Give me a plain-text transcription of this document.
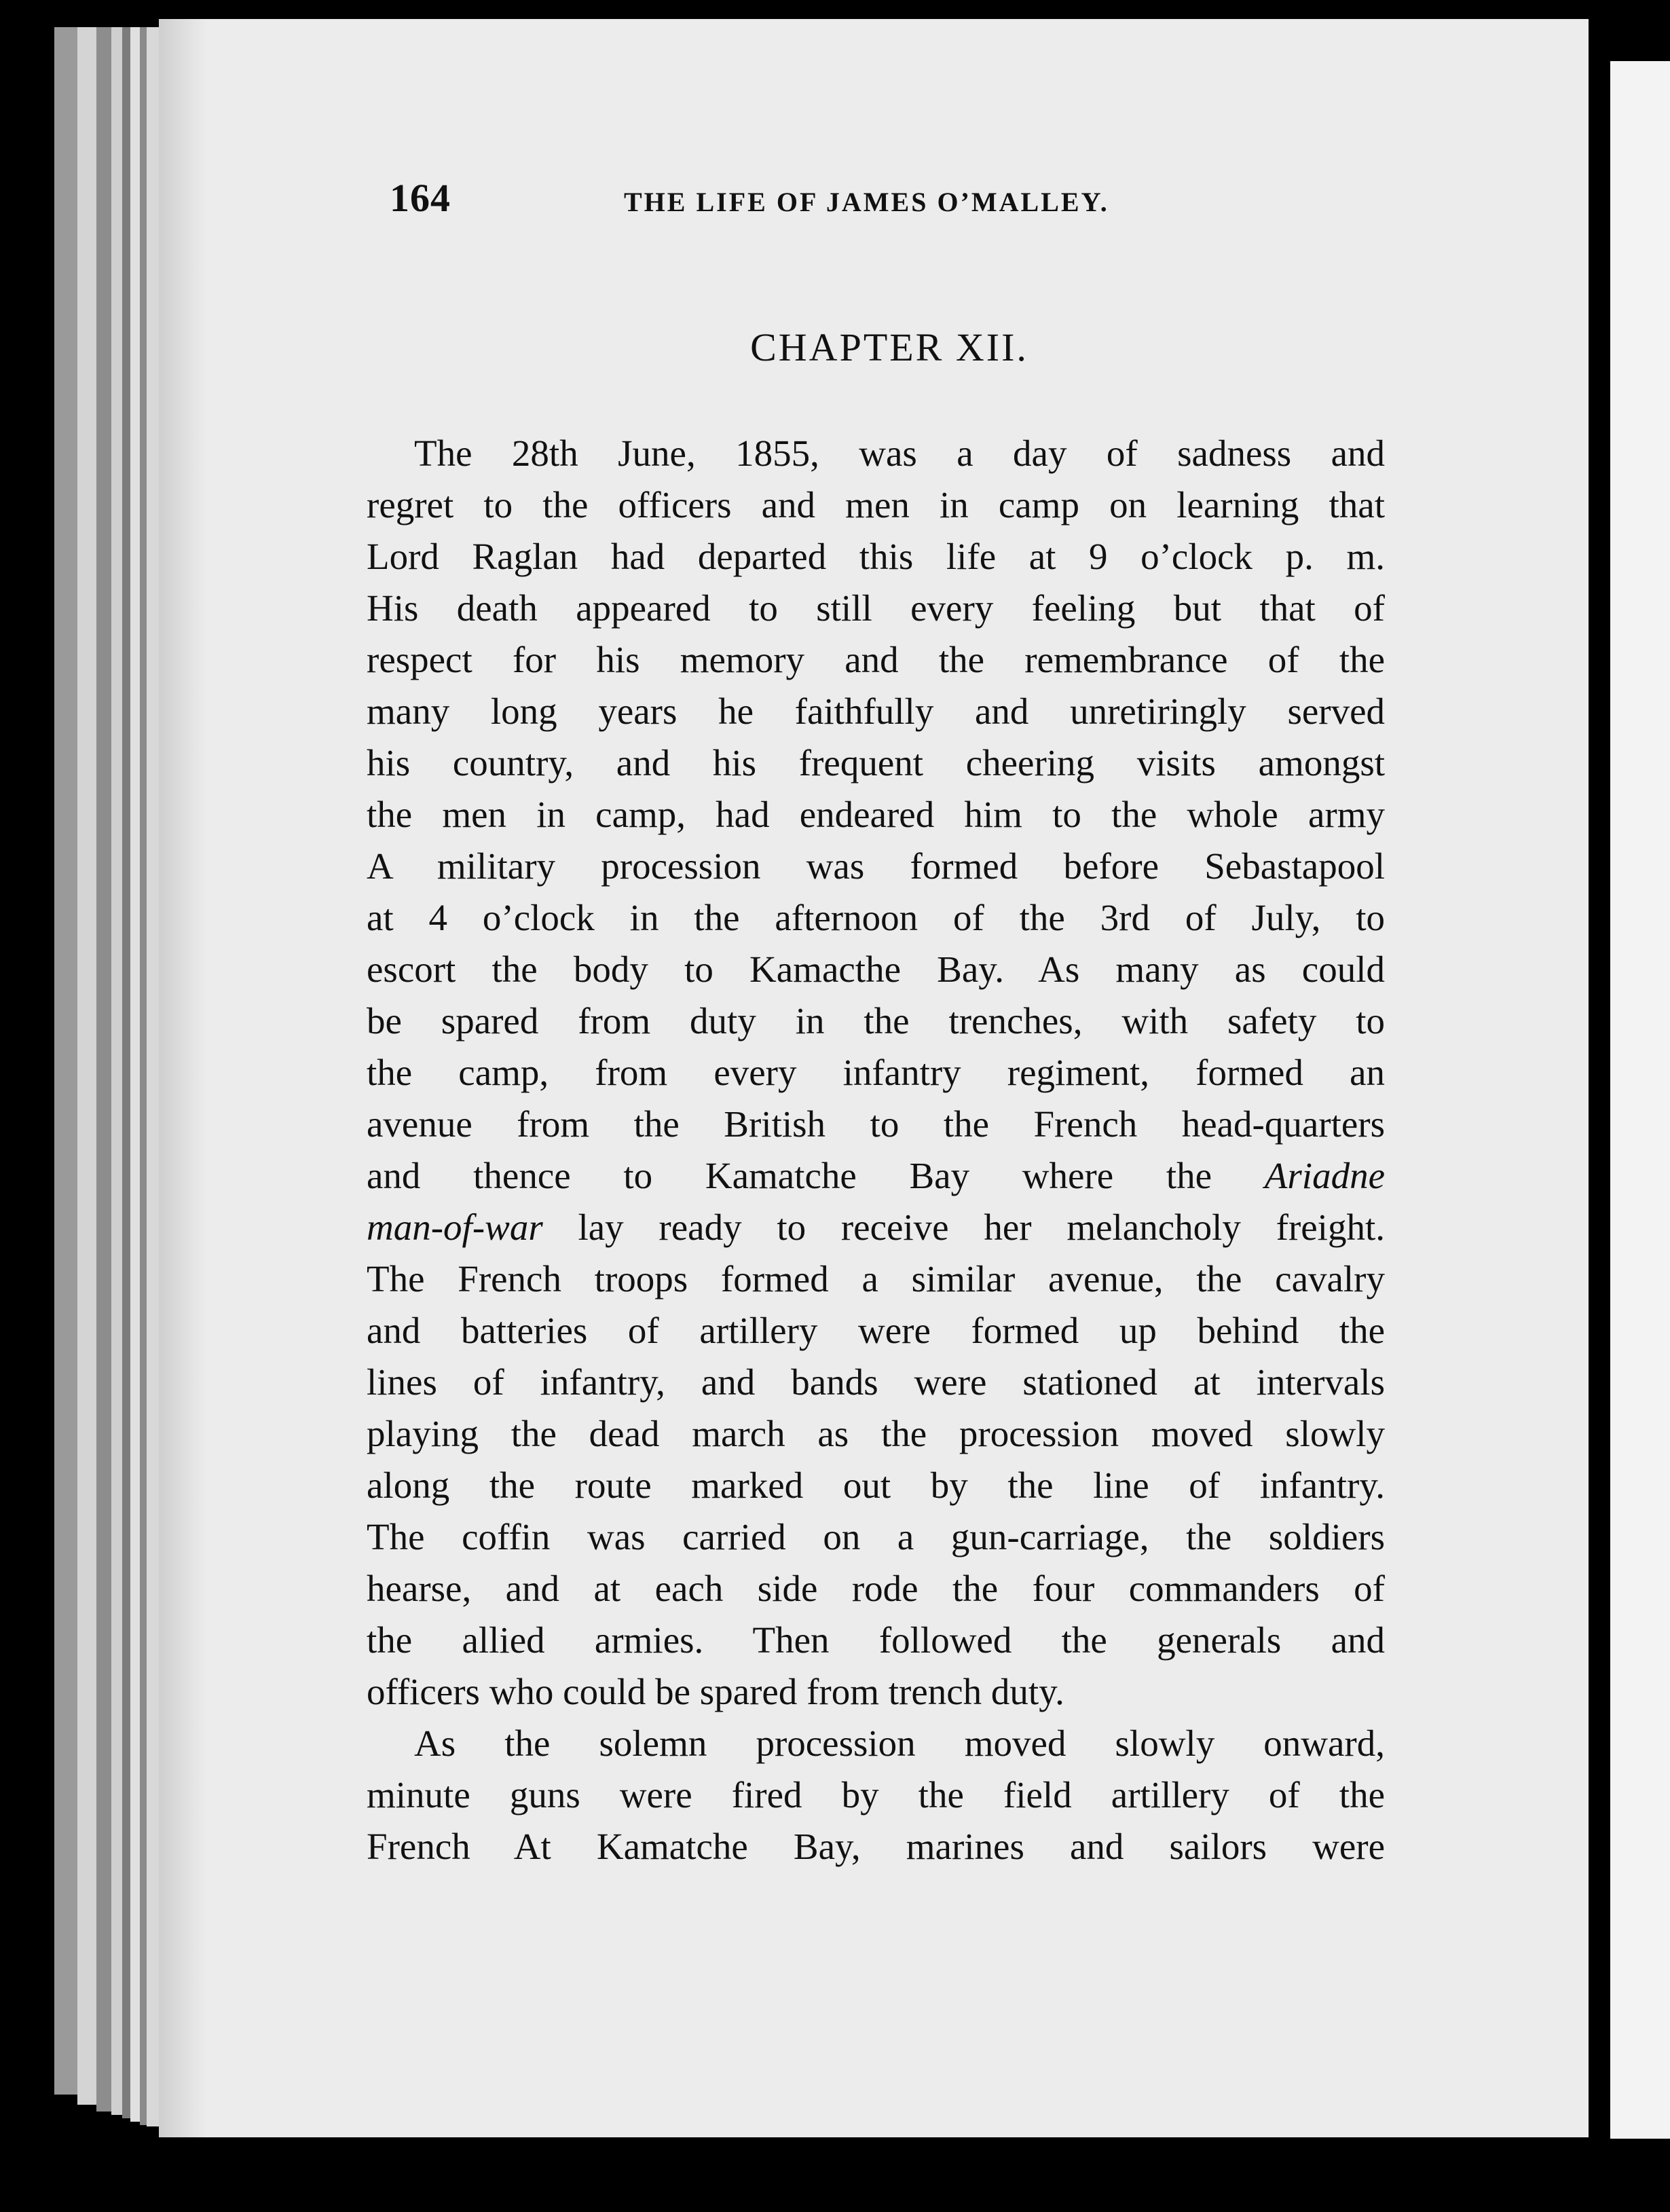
164	THE LIFE OF JAMES O’MALLEY.
CHAPTER XII.
The 28th June, 1855, was a day of sadness and
regret to the officers and men in camp on learning that
Lord Raglan had departed this life at 9 o’clock p. m.
His death appeared to still every feeling but that of
respect for his memory and the remembrance of the
many long years he faithfully and unretiringly served
his country, and his frequent cheering visits amongst
the men in camp, had endeared him to the whole army
A military procession was formed before Sebastapool
at 4 o’clock in the afternoon of the 3rd of July, to
escort the body to Kamacthe Bay. As many as could
be spared from duty in the trenches, with safety to
the camp, from every infantry regiment, formed an
avenue from the British to the French head-quarters
and thence to Kamatche Bay where the Ariadne
man-of-war lay ready to receive her melancholy freight.
The French troops formed a similar avenue, the cavalry
and batteries of artillery were formed up behind the
lines of infantry, and bands were stationed at intervals
playing the dead march as the procession moved slowly
along the route marked out by the line of infantry.
The coffin was carried on a gun-carriage, the soldiers
hearse, and at each side rode the four commanders of
the allied armies. Then followed the generals and
officers who could be spared from trench duty.
As the solemn procession moved slowly onward,
minute guns were fired by the field artillery of the
French At Kamatche Bay, marines and sailors were
